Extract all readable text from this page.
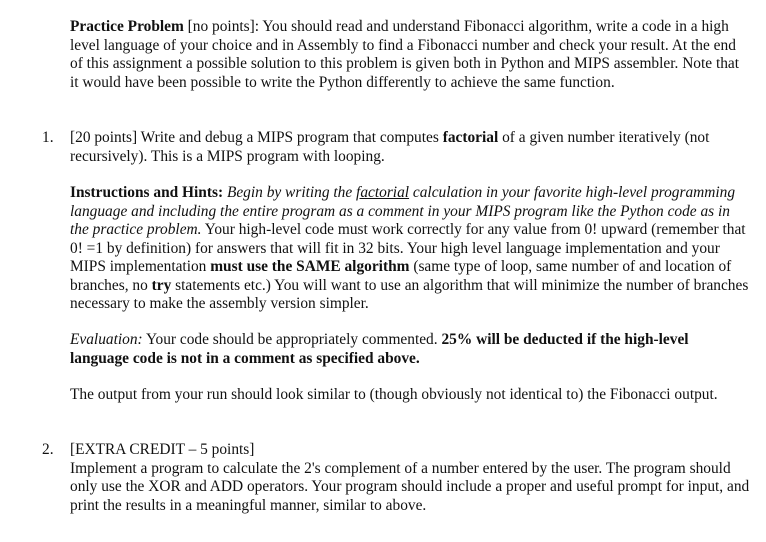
Practice Problem [no points]: You should read and understand Fibonacci algorithm, write a code in a high level language of your choice and in Assembly to find a Fibonacci number and check your result. At the end of this assignment a possible solution to this problem is given both in Python and MIPS assembler. Note that it would have been possible to write the Python differently to achieve the same function.

1. [20 points] Write and debug a MIPS program that computes factorial of a given number iteratively (not recursively). This is a MIPS program with looping.

Instructions and Hints: Begin by writing the factorial calculation in your favorite high-level programming language and including the entire program as a comment in your MIPS program like the Python code as in the practice problem. Your high-level code must work correctly for any value from 0! upward (remember that 0! =1 by definition) for answers that will fit in 32 bits. Your high level language implementation and your MIPS implementation must use the SAME algorithm (same type of loop, same number of and location of branches, no try statements etc.) You will want to use an algorithm that will minimize the number of branches necessary to make the assembly version simpler.

Evaluation: Your code should be appropriately commented. 25% will be deducted if the high-level language code is not in a comment as specified above.

The output from your run should look similar to (though obviously not identical to) the Fibonacci output.

2. [EXTRA CREDIT – 5 points]
Implement a program to calculate the 2's complement of a number entered by the user. The program should only use the XOR and ADD operators. Your program should include a proper and useful prompt for input, and print the results in a meaningful manner, similar to above.
